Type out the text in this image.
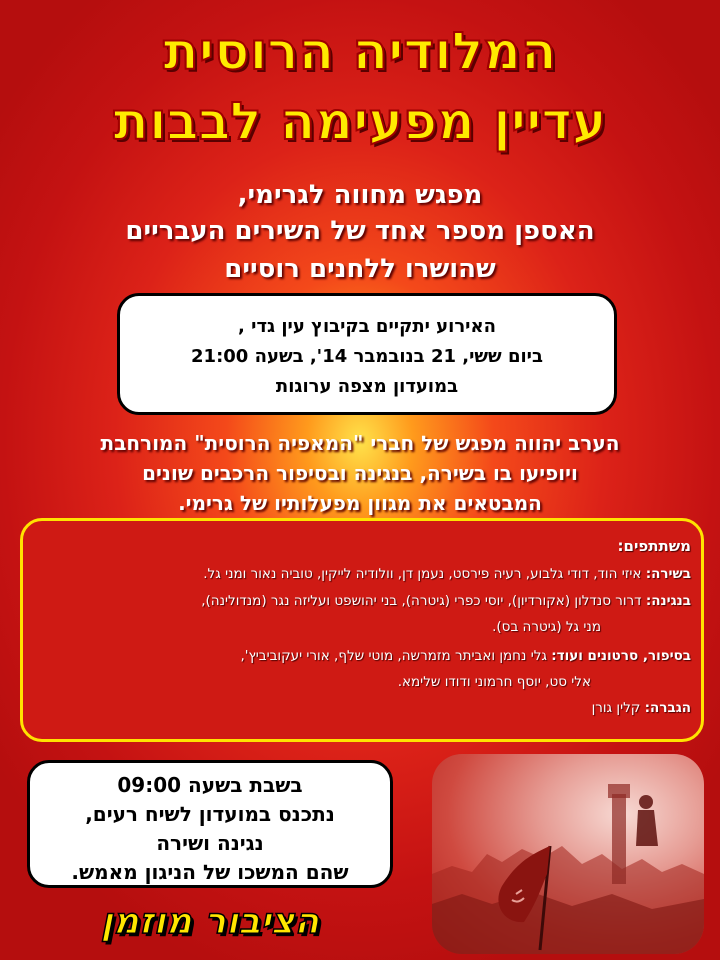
המלודיה הרוסית
עדיין מפעימה לבבות
מפגש מחווה לגרימי,
האספן מספר אחד של השירים העבריים
שהושרו ללחנים רוסיים
האירוע יתקיים בקיבוץ עין גדי ,
ביום ששי, 21 בנובמבר 14', בשעה 21:00
במועדון מצפה ערוגות
הערב יהווה מפגש של חברי "המאפיה הרוסית" המורחבת
ויופיעו בו בשירה, בנגינה ובסיפור הרכבים שונים
המבטאים את מגוון מפעלותיו של גרימי.
משתתפים:
בשירה: איזי הוד, דודי גלבוע, רעיה פירסט, נעמן דן, וולודיה לייקין, טוביה נאור ומני גל.
בנגינה: דרור סנדלון (אקורדיון), יוסי כפרי (גיטרה), בני יהושפט ועליזה נגר (מנדולינה),
מני גל (גיטרה בס).
בסיפור, סרטונים ועוד: גלי נחמן ואביתר מזמרשה, מוטי שלף, אורי יעקוביביץ',
אלי סט, יוסף חרמוני ודודו שלימא.
הגברה: קלין גורן
בשבת בשעה 09:00
נתכנס במועדון לשיח רעים,
נגינה ושירה
שהם המשכו של הניגון מאמש.
הציבור מוזמן
